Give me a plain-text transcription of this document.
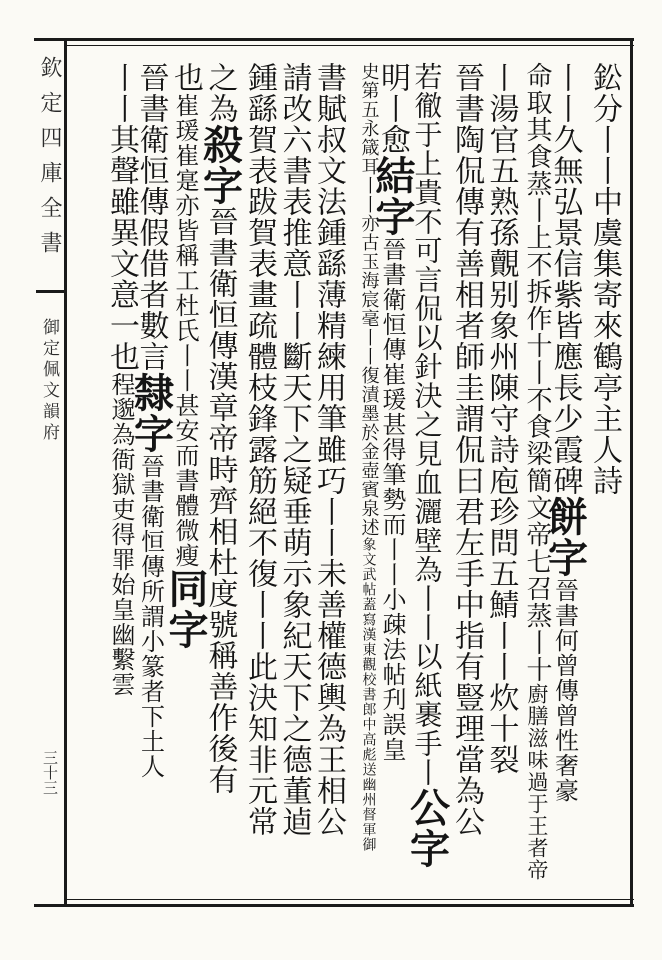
欽定四庫全書
御定佩文韻府
三十三
鈆分丨丨中虞集寄來鶴亭主人詩
丨丨久無弘景信紫皆應長少霞碑餅字晉書何曾傳曾性奢豪
命取其食蒸丨上不拆作十丨不食梁簡文帝七召蒸丨十廚膳滋味過于王者帝
丨湯官五熟孫覿别象州陳守詩庖珍問五鯖丨丨炊十裂
晉書陶侃傳有善相者師圭謂侃曰君左手中指有豎理當為公
若徹于上貴不可言侃以針決之見血灑壁為丨丨以紙裹手丨公字
明丨愈結字晉書衛恒傳崔瑗甚得筆勢而丨丨小疎法帖刋誤皇
史第五永箴耳丨丨亦古玉海宸毫丨丨復漬墨於金壺賓泉述象文武帖蓋寫漢東觀校書郎中高彪送幽州督軍御
書賦叔文法鍾繇薄精練用筆雖巧丨丨未善權德輿為王相公
請改六書表推意丨丨斷天下之疑垂萌示象紀天下之德董逌
鍾繇賀表跋賀表畫疏體枝鋒露筋絕不復丨丨此決知非元常
之為殺字晉書衛恒傳漢章帝時齊相杜度號稱善作後有
也崔瑗崔寔亦皆稱工杜氏丨丨甚安而書體微瘦同字
晉書衛恒傳假借者數言隸字晉書衛恒傳所謂小篆者下土人
丨丨其聲雖異文意一也程邈為衙獄吏得罪始皇幽繫雲
